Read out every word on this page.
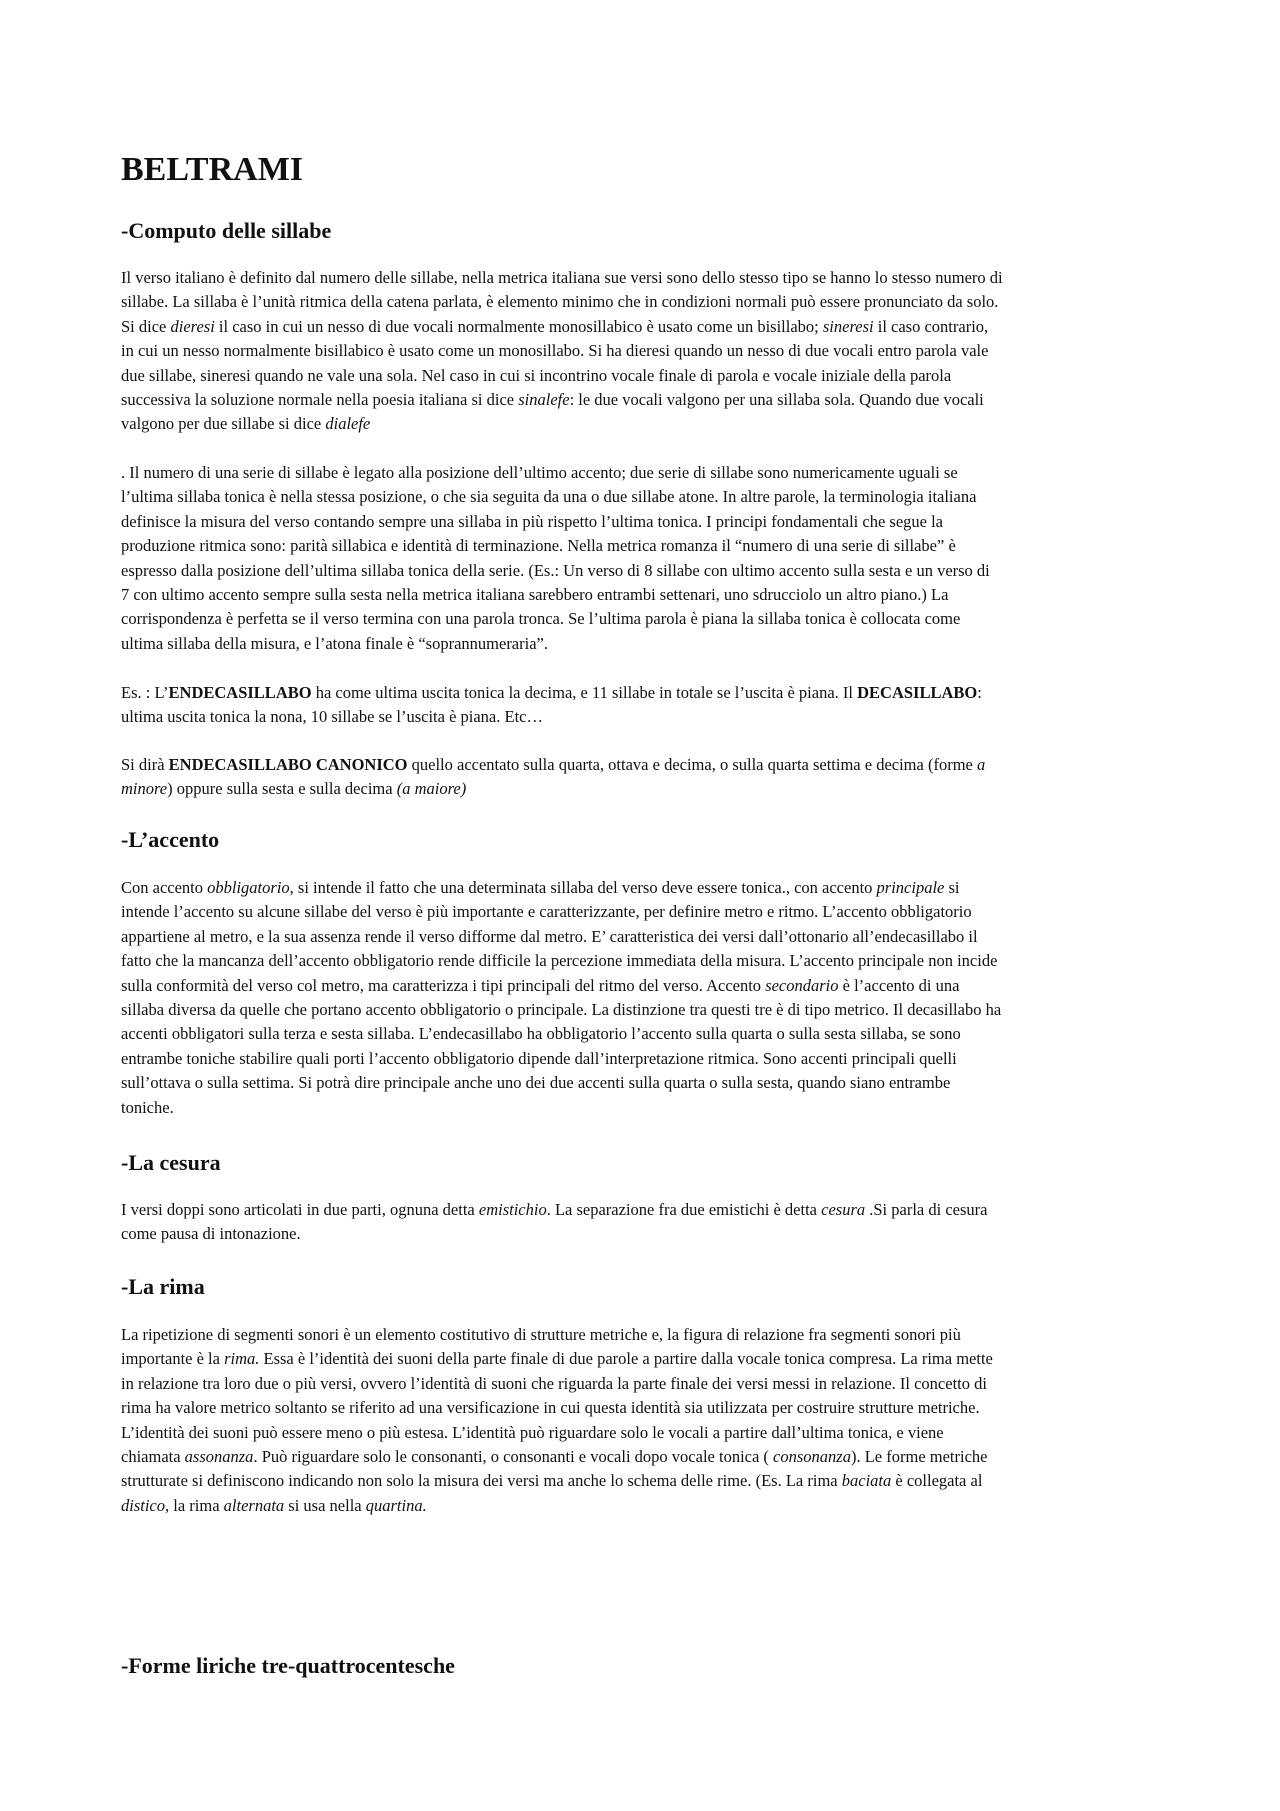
BELTRAMI
-Computo delle sillabe
Il verso italiano è definito dal numero delle sillabe, nella metrica italiana sue versi sono dello stesso tipo se hanno lo stesso numero di
sillabe. La sillaba è l’unità ritmica della catena parlata, è elemento minimo che in condizioni normali può essere pronunciato da solo.
Si dice dieresi il caso in cui un nesso di due vocali normalmente monosillabico è usato come un bisillabo; sineresi il caso contrario,
in cui un nesso normalmente bisillabico è usato come un monosillabo. Si ha dieresi quando un nesso di due vocali entro parola vale
due sillabe, sineresi quando ne vale una sola. Nel caso in cui si incontrino vocale finale di parola e vocale iniziale della parola
successiva la soluzione normale nella poesia italiana si dice sinalefe: le due vocali valgono per una sillaba sola. Quando due vocali
valgono per due sillabe si dice dialefe
. Il numero di una serie di sillabe è legato alla posizione dell’ultimo accento; due serie di sillabe sono numericamente uguali se
l’ultima sillaba tonica è nella stessa posizione, o che sia seguita da una o due sillabe atone. In altre parole, la terminologia italiana
definisce la misura del verso contando sempre una sillaba in più rispetto l’ultima tonica. I principi fondamentali che segue la
produzione ritmica sono: parità sillabica e identità di terminazione. Nella metrica romanza il “numero di una serie di sillabe” è
espresso dalla posizione dell’ultima sillaba tonica della serie. (Es.: Un verso di 8 sillabe con ultimo accento sulla sesta e un verso di
7 con ultimo accento sempre sulla sesta nella metrica italiana sarebbero entrambi settenari, uno sdrucciolo un altro piano.) La
corrispondenza è perfetta se il verso termina con una parola tronca. Se l’ultima parola è piana la sillaba tonica è collocata come
ultima sillaba della misura, e l’atona finale è “soprannumeraria”.
Es. : L’ENDECASILLABO ha come ultima uscita tonica la decima, e 11 sillabe in totale se l’uscita è piana. Il DECASILLABO:
ultima uscita tonica la nona, 10 sillabe se l’uscita è piana. Etc…
Si dirà ENDECASILLABO CANONICO quello accentato sulla quarta, ottava e decima, o sulla quarta settima e decima (forme a
minore) oppure sulla sesta e sulla decima (a maiore)
-L’accento
Con accento obbligatorio, si intende il fatto che una determinata sillaba del verso deve essere tonica., con accento principale si
intende l’accento su alcune sillabe del verso è più importante e caratterizzante, per definire metro e ritmo. L’accento obbligatorio
appartiene al metro, e la sua assenza rende il verso difforme dal metro. E’ caratteristica dei versi dall’ottonario all’endecasillabo il
fatto che la mancanza dell’accento obbligatorio rende difficile la percezione immediata della misura. L’accento principale non incide
sulla conformità del verso col metro, ma caratterizza i tipi principali del ritmo del verso. Accento secondario è l’accento di una
sillaba diversa da quelle che portano accento obbligatorio o principale. La distinzione tra questi tre è di tipo metrico. Il decasillabo ha
accenti obbligatori sulla terza e sesta sillaba. L’endecasillabo ha obbligatorio l’accento sulla quarta o sulla sesta sillaba, se sono
entrambe toniche stabilire quali porti l’accento obbligatorio dipende dall’interpretazione ritmica. Sono accenti principali quelli
sull’ottava o sulla settima. Si potrà dire principale anche uno dei due accenti sulla quarta o sulla sesta, quando siano entrambe
toniche.
-La cesura
I versi doppi sono articolati in due parti, ognuna detta emistichio. La separazione fra due emistichi è detta cesura .Si parla di cesura
come pausa di intonazione.
-La rima
La ripetizione di segmenti sonori è un elemento costitutivo di strutture metriche e, la figura di relazione fra segmenti sonori più
importante è la rima. Essa è l’identità dei suoni della parte finale di due parole a partire dalla vocale tonica compresa. La rima mette
in relazione tra loro due o più versi, ovvero l’identità di suoni che riguarda la parte finale dei versi messi in relazione. Il concetto di
rima ha valore metrico soltanto se riferito ad una versificazione in cui questa identità sia utilizzata per costruire strutture metriche.
L’identità dei suoni può essere meno o più estesa. L’identità può riguardare solo le vocali a partire dall’ultima tonica, e viene
chiamata assonanza. Può riguardare solo le consonanti, o consonanti e vocali dopo vocale tonica ( consonanza). Le forme metriche
strutturate si definiscono indicando non solo la misura dei versi ma anche lo schema delle rime. (Es. La rima baciata è collegata al
distico, la rima alternata si usa nella quartina.
-Forme liriche tre-quattrocentesche
